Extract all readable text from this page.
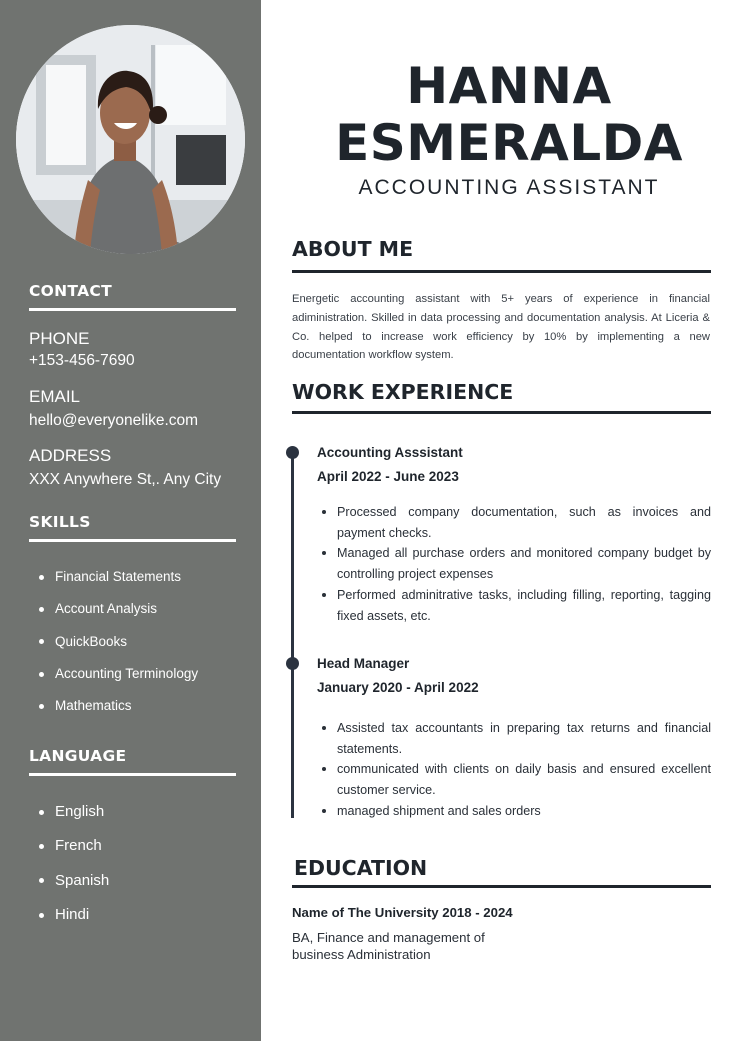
CONTACT
PHONE
+153-456-7690
EMAIL
hello@everyonelike.com
ADDRESS
XXX Anywhere St,. Any City
SKILLS
Financial Statements
Account Analysis
QuickBooks
Accounting Terminology
Mathematics
LANGUAGE
English
French
Spanish
Hindi
HANNA
ESMERALDA
ACCOUNTING ASSISTANT
ABOUT ME

Energetic accounting assistant with 5+ years of experience in financial adiministration. Skilled in data processing and documentation analysis. At Liceria & Co. helped to increase work efficiency by 10% by implementing a new documentation workflow system.

WORK EXPERIENCE
Accounting Asssistant
April 2022 - June 2023
Processed company documentation, such as invoices and payment checks.
Managed all purchase orders and monitored company budget by controlling project expenses
Performed adminitrative tasks, including filling, reporting, tagging fixed assets, etc.
Head Manager
January 2020 - April 2022
Assisted tax accountants in preparing tax returns and financial statements.
communicated with clients on daily basis and ensured excellent customer service.
managed shipment and sales orders
EDUCATION
Name of The University 2018 - 2024
BA, Finance and management of business Administration
